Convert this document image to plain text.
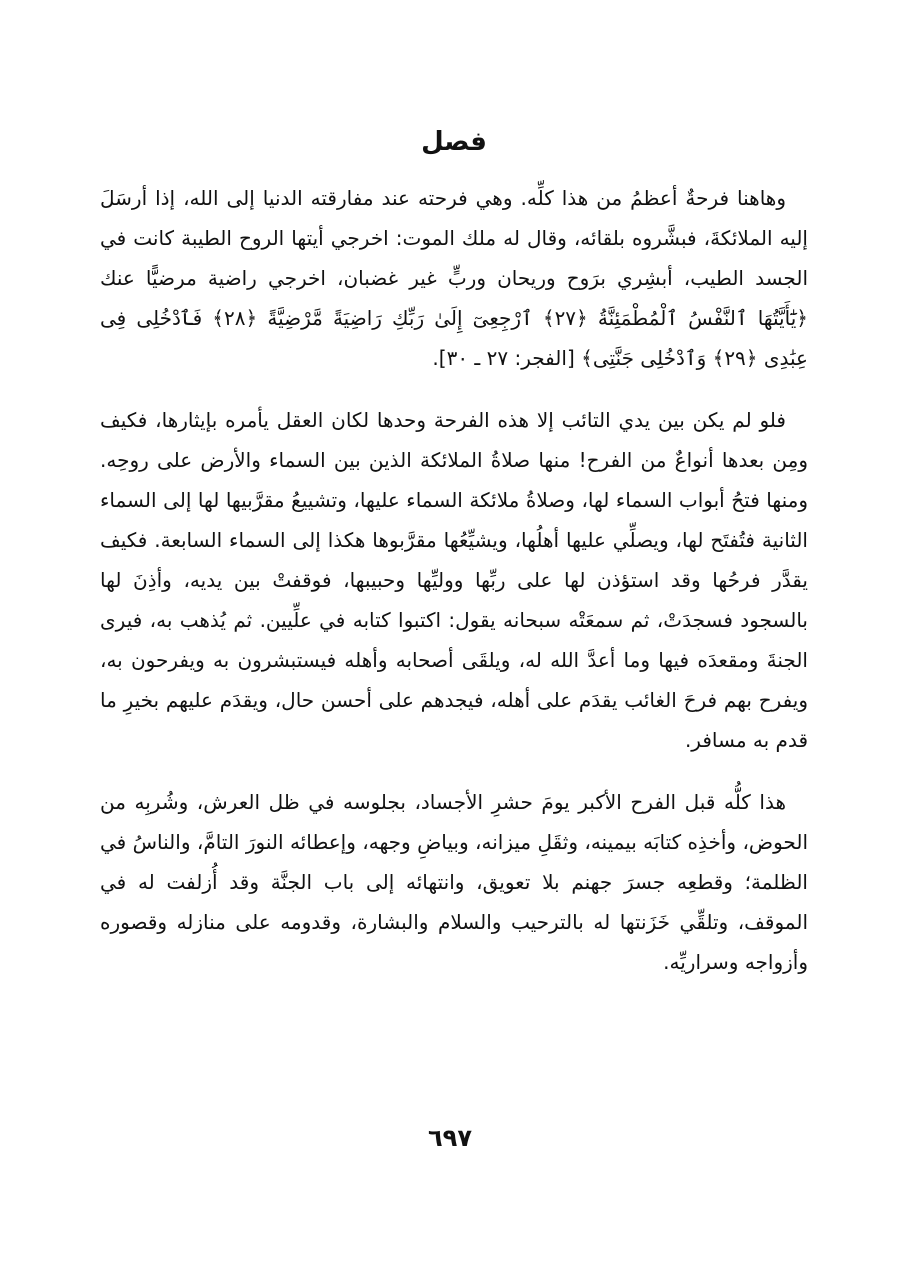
فصل

وهاهنا فرحةٌ أعظمُ من هذا كلِّه. وهي فرحته عند مفارقته الدنيا إلى الله، إذا أرسَلَ إليه الملائكةَ، فبشَّروه بلقائه، وقال له ملك الموت: اخرجي أيتها الروح الطيبة كانت في الجسد الطيب، أبشِري برَوح وريحان وربٍّ غير غضبان، اخرجي راضية مرضيًّا عنك ﴿يَٰٓأَيَّتُهَا ٱلنَّفْسُ ٱلْمُطْمَئِنَّةُ ﴿٢٧﴾ ٱرْجِعِىٓ إِلَىٰ رَبِّكِ رَاضِيَةً مَّرْضِيَّةً ﴿٢٨﴾ فَٱدْخُلِى فِى عِبَٰدِى ﴿٢٩﴾ وَٱدْخُلِى جَنَّتِى﴾ [الفجر: ٢٧ ـ ٣٠].

فلو لم يكن بين يدي التائب إلا هذه الفرحة وحدها لكان العقل يأمره بإيثارها، فكيف ومِن بعدها أنواعٌ من الفرح! منها صلاةُ الملائكة الذين بين السماء والأرض على روحِه. ومنها فتحُ أبواب السماء لها، وصلاةُ ملائكة السماء عليها، وتشييعُ مقرَّبيها لها إلى السماء الثانية فتُفتَح لها، ويصلِّي عليها أهلُها، ويشيِّعُها مقرَّبوها هكذا إلى السماء السابعة. فكيف يقدَّر فرحُها وقد استؤذن لها على ربِّها ووليِّها وحبيبها، فوقفتْ بين يديه، وأذِنَ لها بالسجود فسجدَتْ، ثم سمعَتْه سبحانه يقول: اكتبوا كتابه في علِّيين. ثم يُذهب به، فيرى الجنةَ ومقعدَه فيها وما أعدَّ الله له، ويلقَى أصحابه وأهله فيستبشرون به ويفرحون به، ويفرح بهم فرحَ الغائب يقدَم على أهله، فيجدهم على أحسن حال، ويقدَم عليهم بخيرِ ما قدم به مسافر.

هذا كلُّه قبل الفرح الأكبر يومَ حشرِ الأجساد، بجلوسه في ظل العرش، وشُربِه من الحوض، وأخذِه كتابَه بيمينه، وثقَلِ ميزانه، وبياضِ وجهه، وإعطائه النورَ التامَّ، والناسُ في الظلمة؛ وقطعِه جسرَ جهنم بلا تعويق، وانتهائه إلى باب الجنَّة وقد أُزلفت له في الموقف، وتلقِّي خَزَنتها له بالترحيب والسلام والبشارة، وقدومه على منازله وقصوره وأزواجه وسراريِّه.

٦٩٧
